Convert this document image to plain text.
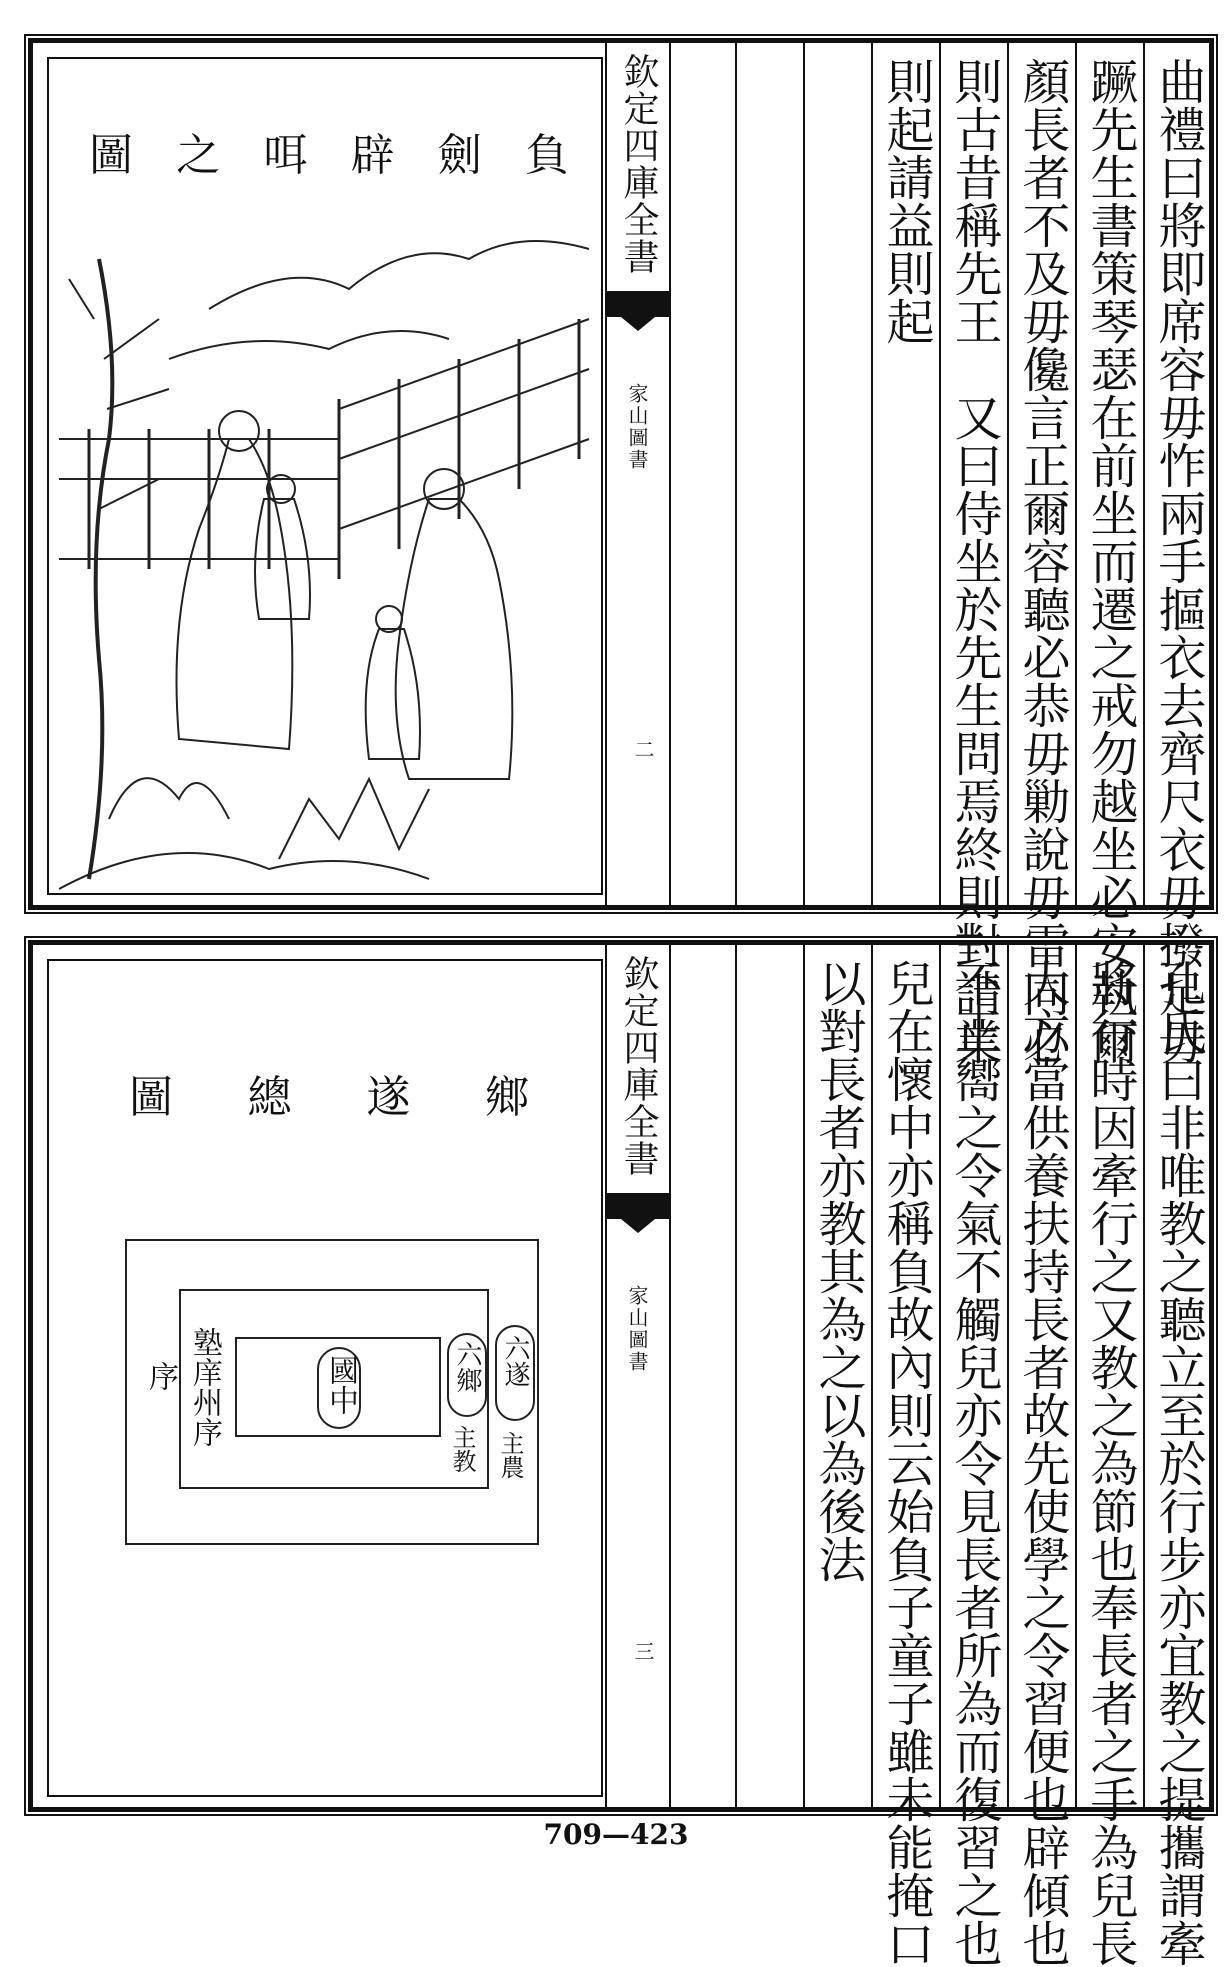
負
劍
辟
咡
之
圖	欽定四庫全書
家山圖書
二	曲禮曰將即席容毋怍兩手摳衣去齊尺衣毋撥足毋
蹶先生書策琴瑟在前坐而遷之戒勿越坐必安執爾
顏長者不及毋儳言正爾容聽必恭毋勦說毋雷同必
則古昔稱先王　又曰侍坐於先生問焉終則對請業
則起請益則起
鄉
遂
總
圖
序 塾庠州序	國中	六鄉
主教
六遂
主農
欽定四庫全書
家山圖書
三	孔氏曰非唯教之聽立至於行步亦宜教之提攜謂牽
將行時因牽行之又教之為節也奉長者之手為兒長
大方當供養扶持長者故先使學之令習便也辟傾也
不正嚮之令氣不觸兒亦令見長者所為而復習之也
兒在懷中亦稱負故內則云始負子童子雖未能掩口
以對長者亦教其為之以為後法
709—423
